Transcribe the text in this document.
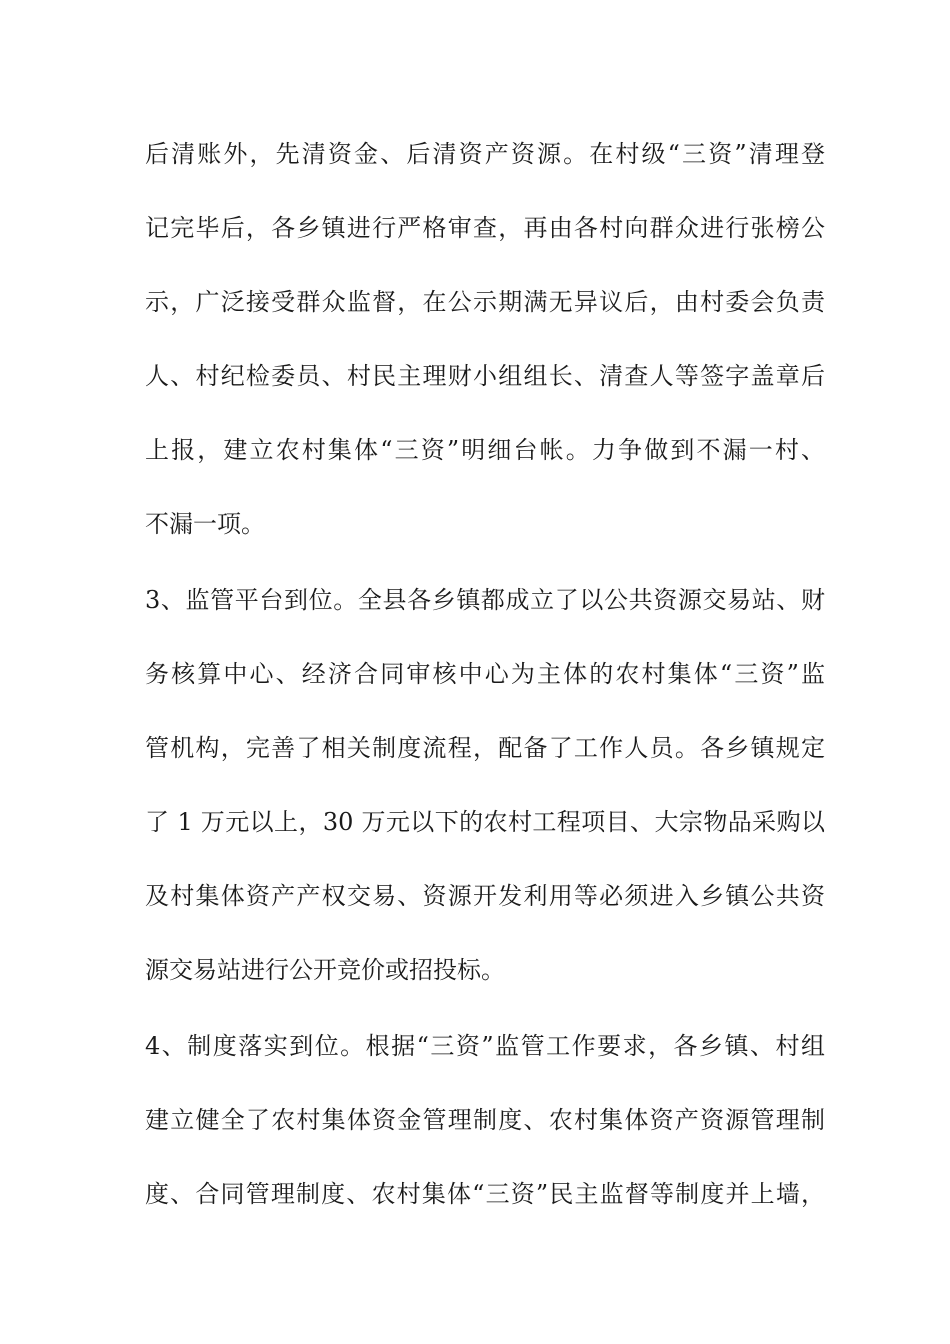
后清账外，先清资金、后清资产资源。在村级“三资”清理登
记完毕后，各乡镇进行严格审查，再由各村向群众进行张榜公
示，广泛接受群众监督，在公示期满无异议后，由村委会负责
人、村纪检委员、村民主理财小组组长、清查人等签字盖章后
上报，建立农村集体“三资”明细台帐。力争做到不漏一村、
不漏一项。
3、监管平台到位。全县各乡镇都成立了以公共资源交易站、财
务核算中心、经济合同审核中心为主体的农村集体“三资”监
管机构，完善了相关制度流程，配备了工作人员。各乡镇规定
了 1 万元以上，30 万元以下的农村工程项目、大宗物品采购以
及村集体资产产权交易、资源开发利用等必须进入乡镇公共资
源交易站进行公开竞价或招投标。
4、制度落实到位。根据“三资”监管工作要求，各乡镇、村组
建立健全了农村集体资金管理制度、农村集体资产资源管理制
度、合同管理制度、农村集体“三资”民主监督等制度并上墙，
